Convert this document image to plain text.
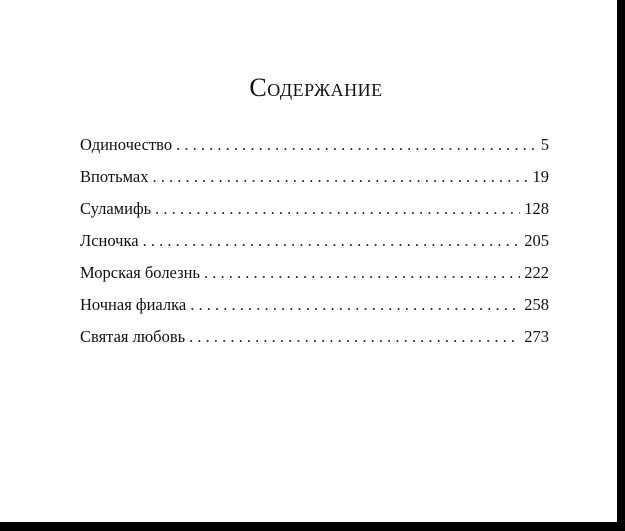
Содержание
Одиночество . . .	5
Впотьмах . . .	19
Суламифь . . .	128
Лсночка . . .	205
Морская болезнь . . .	222
Ночная фиалка . . .	258
Святая любовь . . .	273
